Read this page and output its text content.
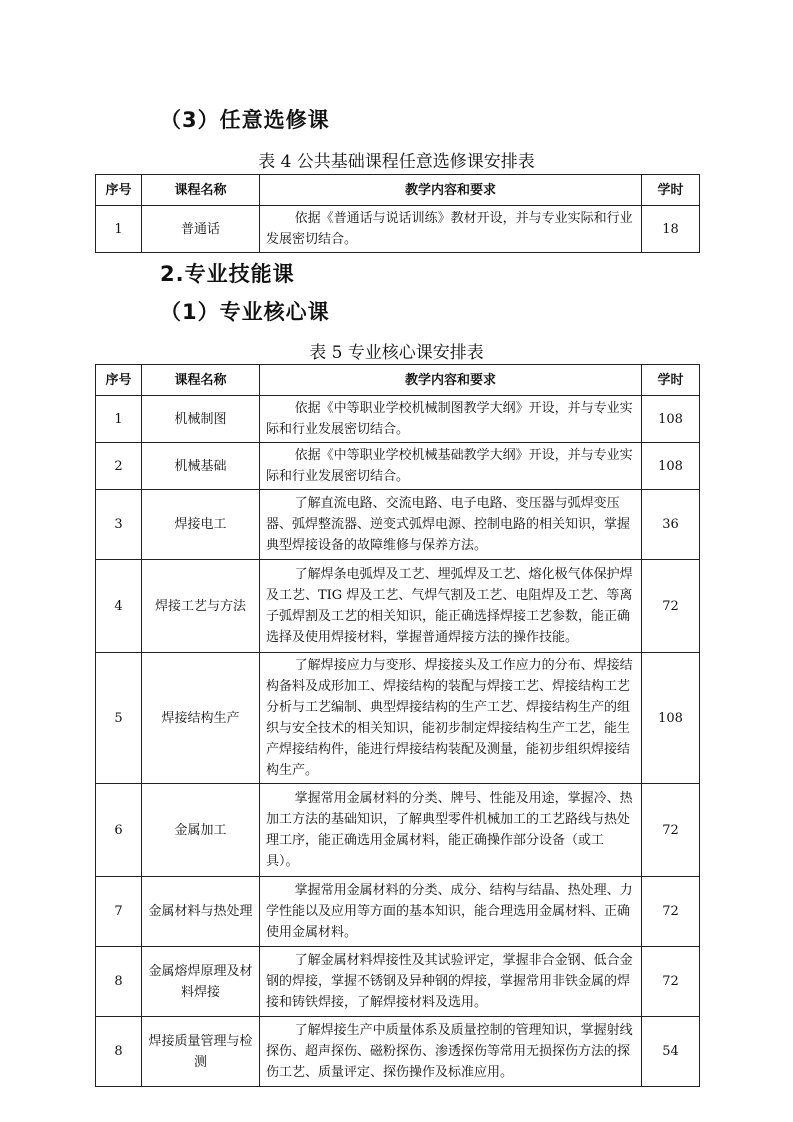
（3）任意选修课
表 4 公共基础课程任意选修课安排表
序号	课程名称	教学内容和要求	学时
1	普通话	依据《普通话与说话训练》教材开设，并与专业实际和行业发展密切结合。	18
2.专业技能课
（1）专业核心课
表 5 专业核心课安排表
序号	课程名称	教学内容和要求	学时
1	机械制图	依据《中等职业学校机械制图教学大纲》开设，并与专业实际和行业发展密切结合。	108
2	机械基础	依据《中等职业学校机械基础教学大纲》开设，并与专业实际和行业发展密切结合。	108
3	焊接电工	了解直流电路、交流电路、电子电路、变压器与弧焊变压器、弧焊整流器、逆变式弧焊电源、控制电路的相关知识，掌握典型焊接设备的故障维修与保养方法。	36
4	焊接工艺与方法	了解焊条电弧焊及工艺、埋弧焊及工艺、熔化极气体保护焊及工艺、TIG 焊及工艺、气焊气割及工艺、电阻焊及工艺、等离子弧焊割及工艺的相关知识，能正确选择焊接工艺参数，能正确选择及使用焊接材料，掌握普通焊接方法的操作技能。	72
5	焊接结构生产	了解焊接应力与变形、焊接接头及工作应力的分布、焊接结构备料及成形加工、焊接结构的装配与焊接工艺、焊接结构工艺分析与工艺编制、典型焊接结构的生产工艺、焊接结构生产的组织与安全技术的相关知识，能初步制定焊接结构生产工艺，能生产焊接结构件，能进行焊接结构装配及测量，能初步组织焊接结构生产。	108
6	金属加工	掌握常用金属材料的分类、牌号、性能及用途，掌握冷、热加工方法的基础知识，了解典型零件机械加工的工艺路线与热处理工序，能正确选用金属材料，能正确操作部分设备（或工具）。	72
7	金属材料与热处理	掌握常用金属材料的分类、成分、结构与结晶、热处理、力学性能以及应用等方面的基本知识，能合理选用金属材料、正确使用金属材料。	72
8	金属熔焊原理及材料焊接	了解金属材料焊接性及其试验评定，掌握非合金钢、低合金钢的焊接，掌握不锈钢及异种钢的焊接，掌握常用非铁金属的焊接和铸铁焊接，了解焊接材料及选用。	72
8	焊接质量管理与检测	了解焊接生产中质量体系及质量控制的管理知识，掌握射线探伤、超声探伤、磁粉探伤、渗透探伤等常用无损探伤方法的探伤工艺、质量评定、探伤操作及标准应用。	54
